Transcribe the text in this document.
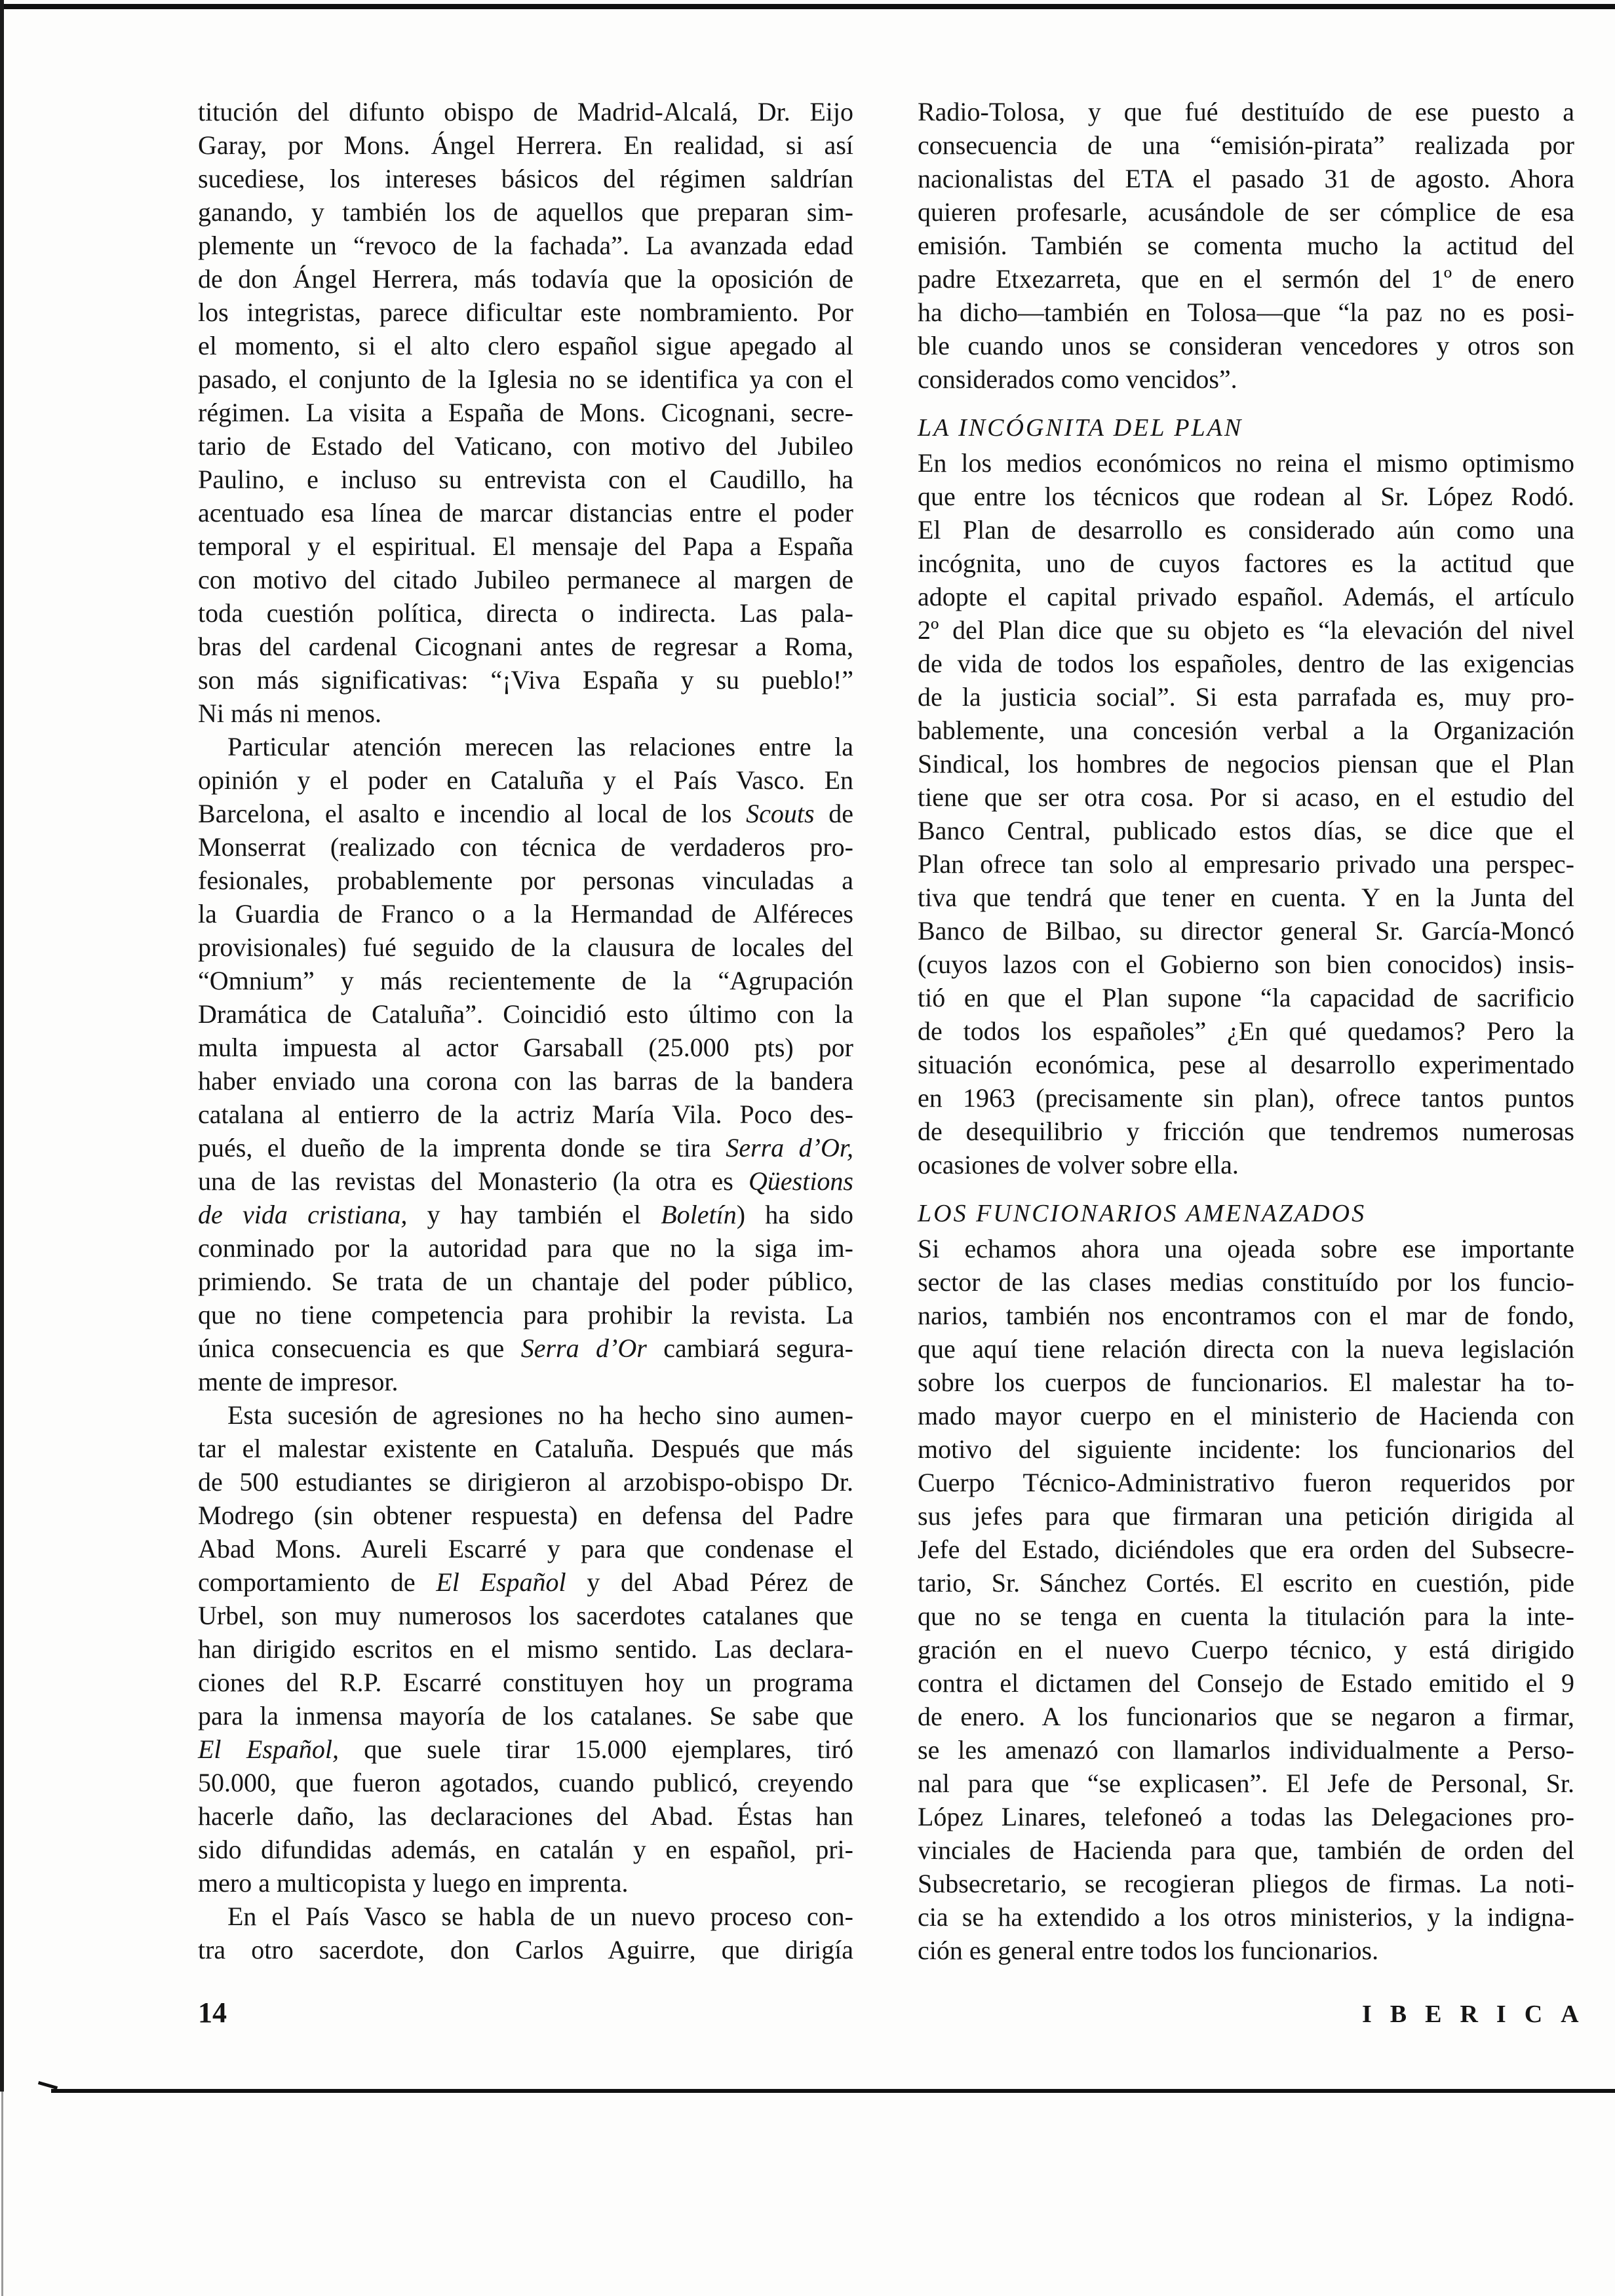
titución del difunto obispo de Madrid-Alcalá, Dr. Eijo
Garay, por Mons. Ángel Herrera. En realidad, si así
sucediese, los intereses básicos del régimen saldrían
ganando, y también los de aquellos que preparan sim-
plemente un “revoco de la fachada”. La avanzada edad
de don Ángel Herrera, más todavía que la oposición de
los integristas, parece dificultar este nombramiento. Por
el momento, si el alto clero español sigue apegado al
pasado, el conjunto de la Iglesia no se identifica ya con el
régimen. La visita a España de Mons. Cicognani, secre-
tario de Estado del Vaticano, con motivo del Jubileo
Paulino, e incluso su entrevista con el Caudillo, ha
acentuado esa línea de marcar distancias entre el poder
temporal y el espiritual. El mensaje del Papa a España
con motivo del citado Jubileo permanece al margen de
toda cuestión política, directa o indirecta. Las pala-
bras del cardenal Cicognani antes de regresar a Roma,
son más significativas: “¡Viva España y su pueblo!”
Ni más ni menos.
Particular atención merecen las relaciones entre la
opinión y el poder en Cataluña y el País Vasco. En
Barcelona, el asalto e incendio al local de los Scouts de
Monserrat (realizado con técnica de verdaderos pro-
fesionales, probablemente por personas vinculadas a
la Guardia de Franco o a la Hermandad de Alféreces
provisionales) fué seguido de la clausura de locales del
“Omnium” y más recientemente de la “Agrupación
Dramática de Cataluña”. Coincidió esto último con la
multa impuesta al actor Garsaball (25.000 pts) por
haber enviado una corona con las barras de la bandera
catalana al entierro de la actriz María Vila. Poco des-
pués, el dueño de la imprenta donde se tira Serra d’Or,
una de las revistas del Monasterio (la otra es Qüestions
de vida cristiana, y hay también el Boletín) ha sido
conminado por la autoridad para que no la siga im-
primiendo. Se trata de un chantaje del poder público,
que no tiene competencia para prohibir la revista. La
única consecuencia es que Serra d’Or cambiará segura-
mente de impresor.
Esta sucesión de agresiones no ha hecho sino aumen-
tar el malestar existente en Cataluña. Después que más
de 500 estudiantes se dirigieron al arzobispo-obispo Dr.
Modrego (sin obtener respuesta) en defensa del Padre
Abad Mons. Aureli Escarré y para que condenase el
comportamiento de El Español y del Abad Pérez de
Urbel, son muy numerosos los sacerdotes catalanes que
han dirigido escritos en el mismo sentido. Las declara-
ciones del R.P. Escarré constituyen hoy un programa
para la inmensa mayoría de los catalanes. Se sabe que
El Español, que suele tirar 15.000 ejemplares, tiró
50.000, que fueron agotados, cuando publicó, creyendo
hacerle daño, las declaraciones del Abad. Éstas han
sido difundidas además, en catalán y en español, pri-
mero a multicopista y luego en imprenta.
En el País Vasco se habla de un nuevo proceso con-
tra otro sacerdote, don Carlos Aguirre, que dirigía
Radio-Tolosa, y que fué destituído de ese puesto a
consecuencia de una “emisión-pirata” realizada por
nacionalistas del ETA el pasado 31 de agosto. Ahora
quieren profesarle, acusándole de ser cómplice de esa
emisión. También se comenta mucho la actitud del
padre Etxezarreta, que en el sermón del 1º de enero
ha dicho—también en Tolosa—que “la paz no es posi-
ble cuando unos se consideran vencedores y otros son
considerados como vencidos”.
LA INCÓGNITA DEL PLAN
En los medios económicos no reina el mismo optimismo
que entre los técnicos que rodean al Sr. López Rodó.
El Plan de desarrollo es considerado aún como una
incógnita, uno de cuyos factores es la actitud que
adopte el capital privado español. Además, el artículo
2º del Plan dice que su objeto es “la elevación del nivel
de vida de todos los españoles, dentro de las exigencias
de la justicia social”. Si esta parrafada es, muy pro-
bablemente, una concesión verbal a la Organización
Sindical, los hombres de negocios piensan que el Plan
tiene que ser otra cosa. Por si acaso, en el estudio del
Banco Central, publicado estos días, se dice que el
Plan ofrece tan solo al empresario privado una perspec-
tiva que tendrá que tener en cuenta. Y en la Junta del
Banco de Bilbao, su director general Sr. García-Moncó
(cuyos lazos con el Gobierno son bien conocidos) insis-
tió en que el Plan supone “la capacidad de sacrificio
de todos los españoles” ¿En qué quedamos? Pero la
situación económica, pese al desarrollo experimentado
en 1963 (precisamente sin plan), ofrece tantos puntos
de desequilibrio y fricción que tendremos numerosas
ocasiones de volver sobre ella.
LOS FUNCIONARIOS AMENAZADOS
Si echamos ahora una ojeada sobre ese importante
sector de las clases medias constituído por los funcio-
narios, también nos encontramos con el mar de fondo,
que aquí tiene relación directa con la nueva legislación
sobre los cuerpos de funcionarios. El malestar ha to-
mado mayor cuerpo en el ministerio de Hacienda con
motivo del siguiente incidente: los funcionarios del
Cuerpo Técnico-Administrativo fueron requeridos por
sus jefes para que firmaran una petición dirigida al
Jefe del Estado, diciéndoles que era orden del Subsecre-
tario, Sr. Sánchez Cortés. El escrito en cuestión, pide
que no se tenga en cuenta la titulación para la inte-
gración en el nuevo Cuerpo técnico, y está dirigido
contra el dictamen del Consejo de Estado emitido el 9
de enero. A los funcionarios que se negaron a firmar,
se les amenazó con llamarlos individualmente a Perso-
nal para que “se explicasen”. El Jefe de Personal, Sr.
López Linares, telefoneó a todas las Delegaciones pro-
vinciales de Hacienda para que, también de orden del
Subsecretario, se recogieran pliegos de firmas. La noti-
cia se ha extendido a los otros ministerios, y la indigna-
ción es general entre todos los funcionarios.
14	IBERICA
